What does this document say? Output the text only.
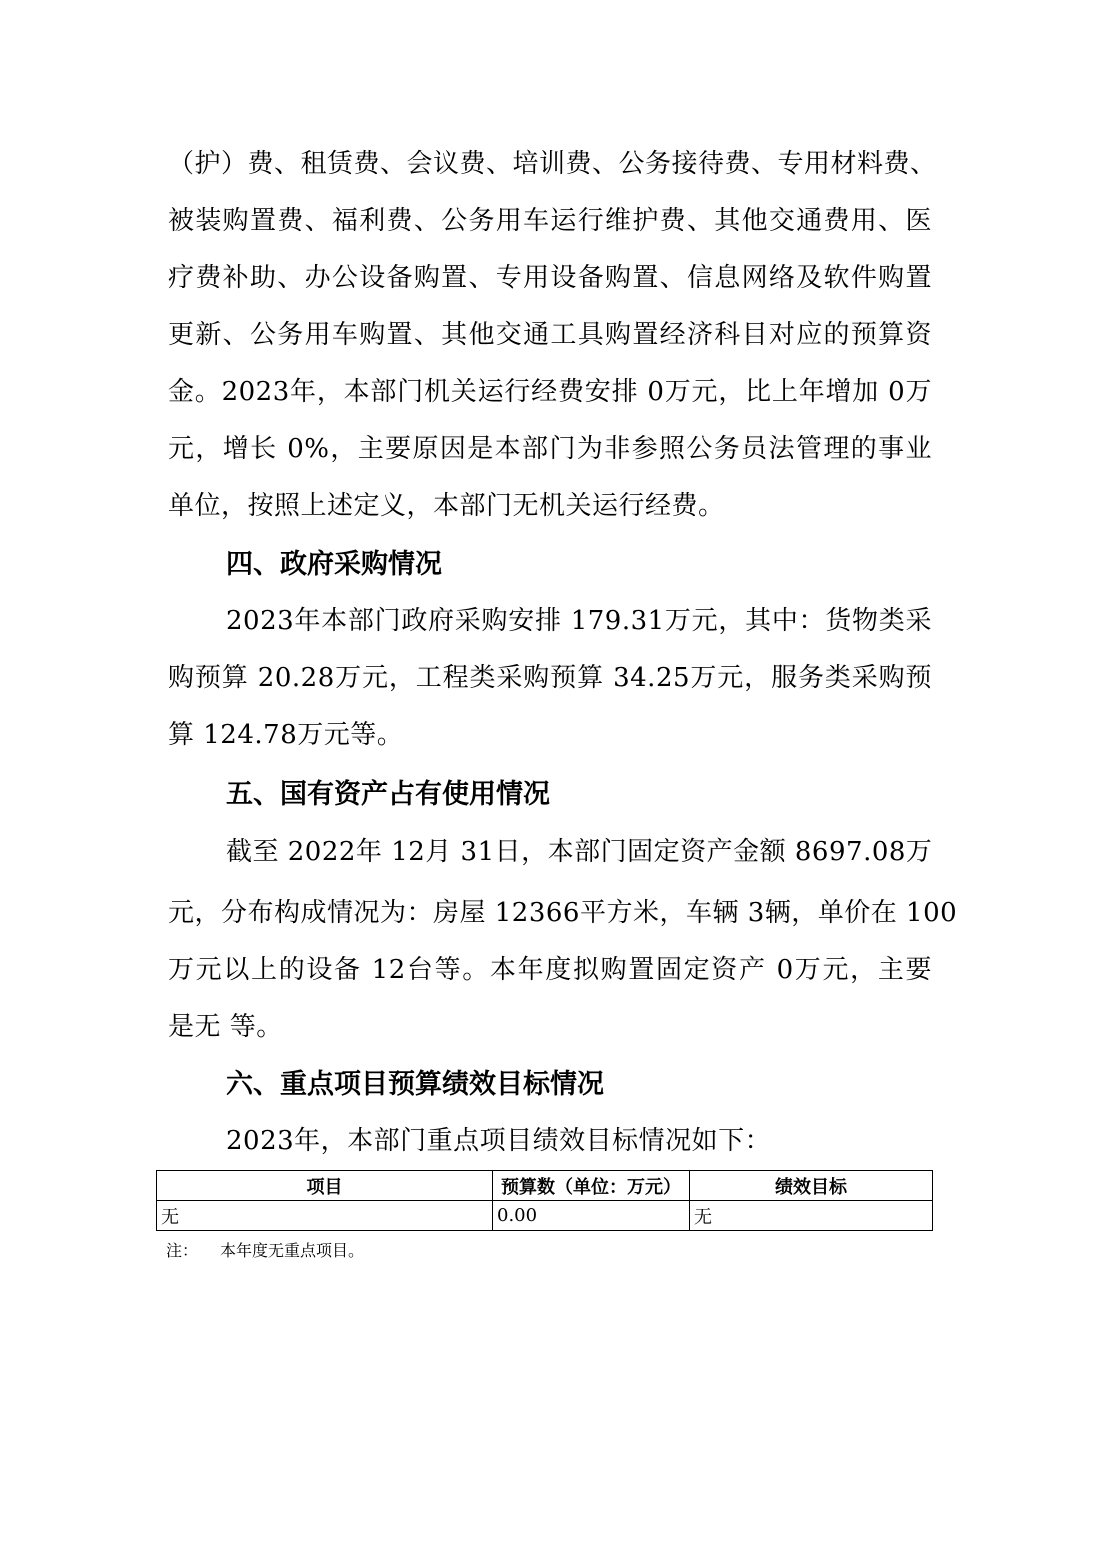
（护）费、租赁费、会议费、培训费、公务接待费、专用材料费、
被装购置费、福利费、公务用车运行维护费、其他交通费用、医
疗费补助、办公设备购置、专用设备购置、信息网络及软件购置
更新、公务用车购置、其他交通工具购置经济科目对应的预算资
金。2023年，本部门机关运行经费安排 0万元，比上年增加 0万
元，增长 0%，主要原因是本部门为非参照公务员法管理的事业
单位，按照上述定义，本部门无机关运行经费。
四、政府采购情况
2023年本部门政府采购安排 179.31万元，其中：货物类采
购预算 20.28万元，工程类采购预算 34.25万元，服务类采购预
算 124.78万元等。
五、国有资产占有使用情况
截至 2022年 12月 31日，本部门固定资产金额 8697.08万
元，分布构成情况为：房屋 12366平方米，车辆 3辆，单价在 100
万元以上的设备 12台等。本年度拟购置固定资产 0万元，主要
是无 等。
六、重点项目预算绩效目标情况
2023年，本部门重点项目绩效目标情况如下：
项目	预算数（单位：万元）	绩效目标
无	0.00	无
注： 本年度无重点项目。
